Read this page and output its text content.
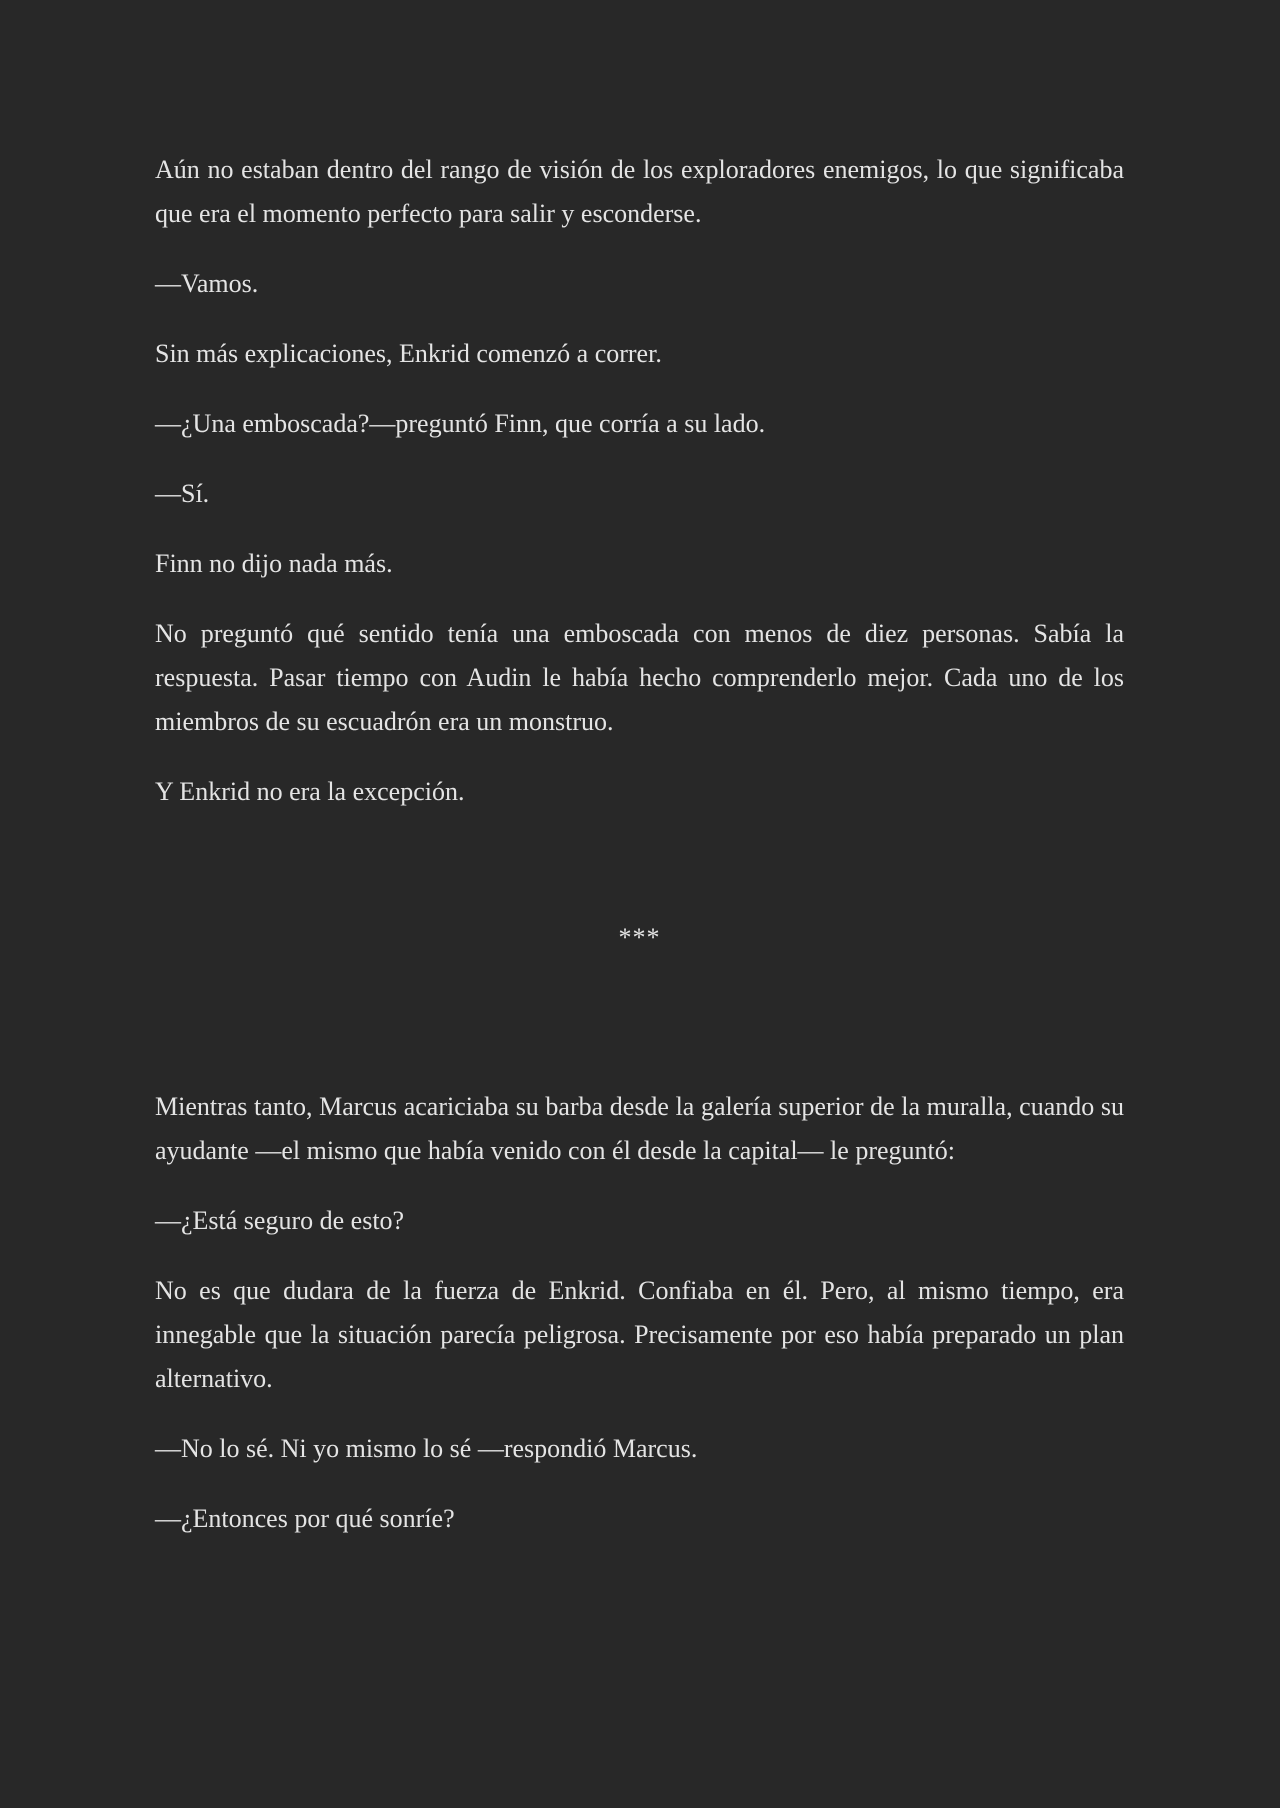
Aún no estaban dentro del rango de visión de los exploradores enemigos, lo que significaba que era el momento perfecto para salir y esconderse.

—Vamos.

Sin más explicaciones, Enkrid comenzó a correr.

—¿Una emboscada?—preguntó Finn, que corría a su lado.

—Sí.

Finn no dijo nada más.

No preguntó qué sentido tenía una emboscada con menos de diez personas. Sabía la respuesta. Pasar tiempo con Audin le había hecho comprenderlo mejor. Cada uno de los miembros de su escuadrón era un monstruo.

Y Enkrid no era la excepción.

***

Mientras tanto, Marcus acariciaba su barba desde la galería superior de la muralla, cuando su ayudante —el mismo que había venido con él desde la capital— le preguntó:

—¿Está seguro de esto?

No es que dudara de la fuerza de Enkrid. Confiaba en él. Pero, al mismo tiempo, era innegable que la situación parecía peligrosa. Precisamente por eso había preparado un plan alternativo.

—No lo sé. Ni yo mismo lo sé —respondió Marcus.

—¿Entonces por qué sonríe?
